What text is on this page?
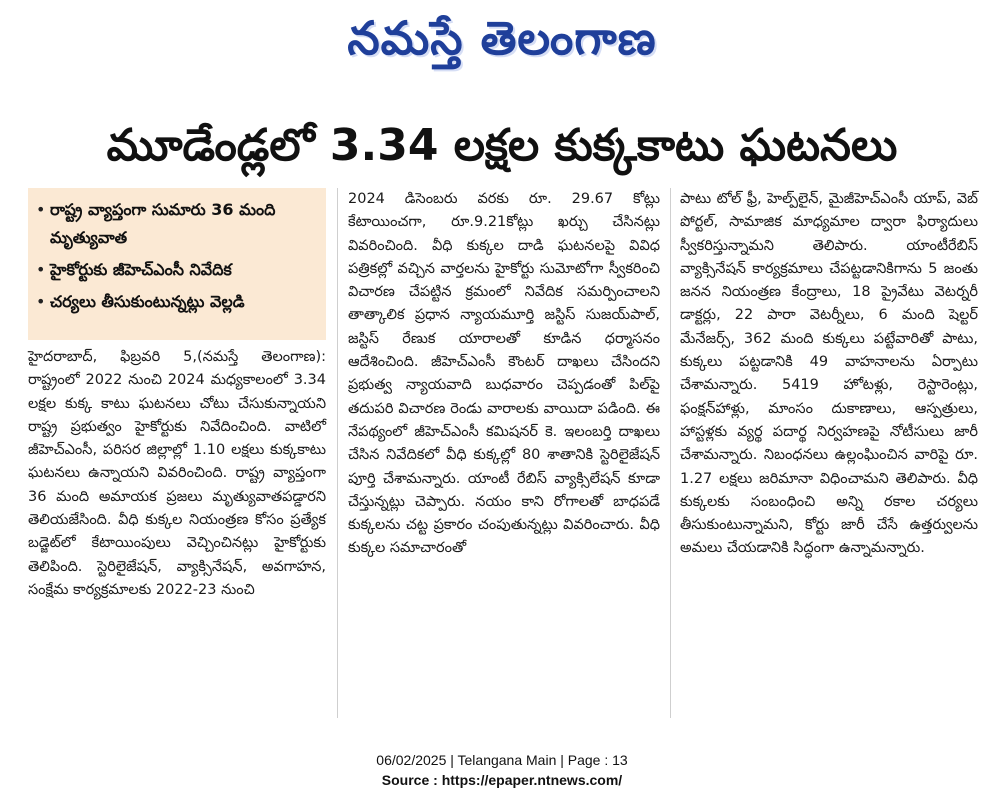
నమస్తే తెలంగాణ
మూడేండ్లలో 3.34 లక్షల కుక్కకాటు ఘటనలు
• రాష్ట్ర వ్యాప్తంగా సుమారు 36 మంది మృత్యువాత
• హైకోర్టుకు జీహెచ్‌ఎంసీ నివేదిక
• చర్యలు తీసుకుంటున్నట్లు వెల్లడి
హైదరాబాద్, ఫిబ్రవరి 5,(నమస్తే తెలంగాణ): రాష్ట్రంలో 2022 నుంచి 2024 మధ్యకాలంలో 3.34 లక్షల కుక్క కాటు ఘటనలు చోటు చేసుకున్నాయని రాష్ట్ర ప్రభుత్వం హైకోర్టుకు నివేదించింది. వాటిలో జీహెచ్‌ఎంసీ, పరిసర జిల్లాల్లో 1.10 లక్షలు కుక్కకాటు ఘటనలు ఉన్నాయని వివరించింది. రాష్ట్ర వ్యాప్తంగా 36 మంది అమాయక ప్రజలు మృత్యువాతపడ్డారని తెలియజేసింది. వీధి కుక్కల నియంత్రణ కోసం ప్రత్యేక బడ్జెట్‌లో కేటాయింపులు వెచ్చించినట్లు హైకోర్టుకు తెలిపింది. స్టెరిలైజేషన్, వ్యాక్సినేషన్, అవగాహన, సంక్షేమ కార్యక్రమాలకు 2022-23 నుంచి
2024 డిసెంబరు వరకు రూ. 29.67 కోట్లు కేటాయించగా, రూ.9.21కోట్లు ఖర్చు చేసినట్లు వివరించింది. వీధి కుక్కల దాడి ఘటనలపై వివిధ పత్రికల్లో వచ్చిన వార్తలను హైకోర్టు సుమోటోగా స్వీకరించి విచారణ చేపట్టిన క్రమంలో నివేదిక సమర్పించాలని తాత్కాలిక ప్రధాన న్యాయమూర్తి జస్టిస్ సుజయ్‌పాల్, జస్టిస్ రేణుక యారాలతో కూడిన ధర్మాసనం ఆదేశించింది. జీహెచ్‌ఎంసీ కౌంటర్ దాఖలు చేసిందని ప్రభుత్వ న్యాయవాది బుధవారం చెప్పడంతో పిల్‌పై తదుపరి విచారణ రెండు వారాలకు వాయిదా పడింది. ఈ నేపథ్యంలో జీహెచ్‌ఎంసీ కమిషనర్ కె. ఇలంబర్తి దాఖలు చేసిన నివేదికలో వీధి కుక్కల్లో 80 శాతానికి స్టెరిలైజేషన్ పూర్తి చేశామన్నారు. యాంటీ రేబిస్ వ్యాక్సిలేషన్ కూడా చేస్తున్నట్లు చెప్పారు. నయం కాని రోగాలతో బాధపడే కుక్కలను చట్ట ప్రకారం చంపుతున్నట్లు వివరించారు. వీధి కుక్కల సమాచారంతో
పాటు టోల్ ఫ్రీ, హెల్ప్‌లైన్, మైజీహెచ్‌ఎంసీ యాప్, వెబ్ పోర్టల్, సామాజిక మాధ్యమాల ద్వారా ఫిర్యాదులు స్వీకరిస్తున్నామని తెలిపారు. యాంటీరేబిస్ వ్యాక్సినేషన్ కార్యక్రమాలు చేపట్టడానికిగాను 5 జంతు జనన నియంత్రణ కేంద్రాలు, 18 ప్రైవేటు వెటర్నరీ డాక్టర్లు, 22 పారా వెటర్నీలు, 6 మంది షెల్టర్ మేనేజర్స్, 362 మంది కుక్కలు పట్టేవారితో పాటు, కుక్కలు పట్టడానికి 49 వాహనాలను ఏర్పాటు చేశామన్నారు. 5419 హోటళ్లు, రెస్టారెంట్లు, ఫంక్షన్‌హాళ్లు, మాంసం దుకాణాలు, ఆస్పత్రులు, హాస్టళ్లకు వ్యర్థ పదార్థ నిర్వహణపై నోటీసులు జారీ చేశామన్నారు. నిబంధనలు ఉల్లంఘించిన వారిపై రూ. 1.27 లక్షలు జరిమానా విధించామని తెలిపారు. వీధి కుక్కలకు సంబంధించి అన్ని రకాల చర్యలు తీసుకుంటున్నామని, కోర్టు జారీ చేసే ఉత్తర్వులను అమలు చేయడానికి సిద్ధంగా ఉన్నామన్నారు.
06/02/2025 | Telangana Main | Page : 13
Source : https://epaper.ntnews.com/
